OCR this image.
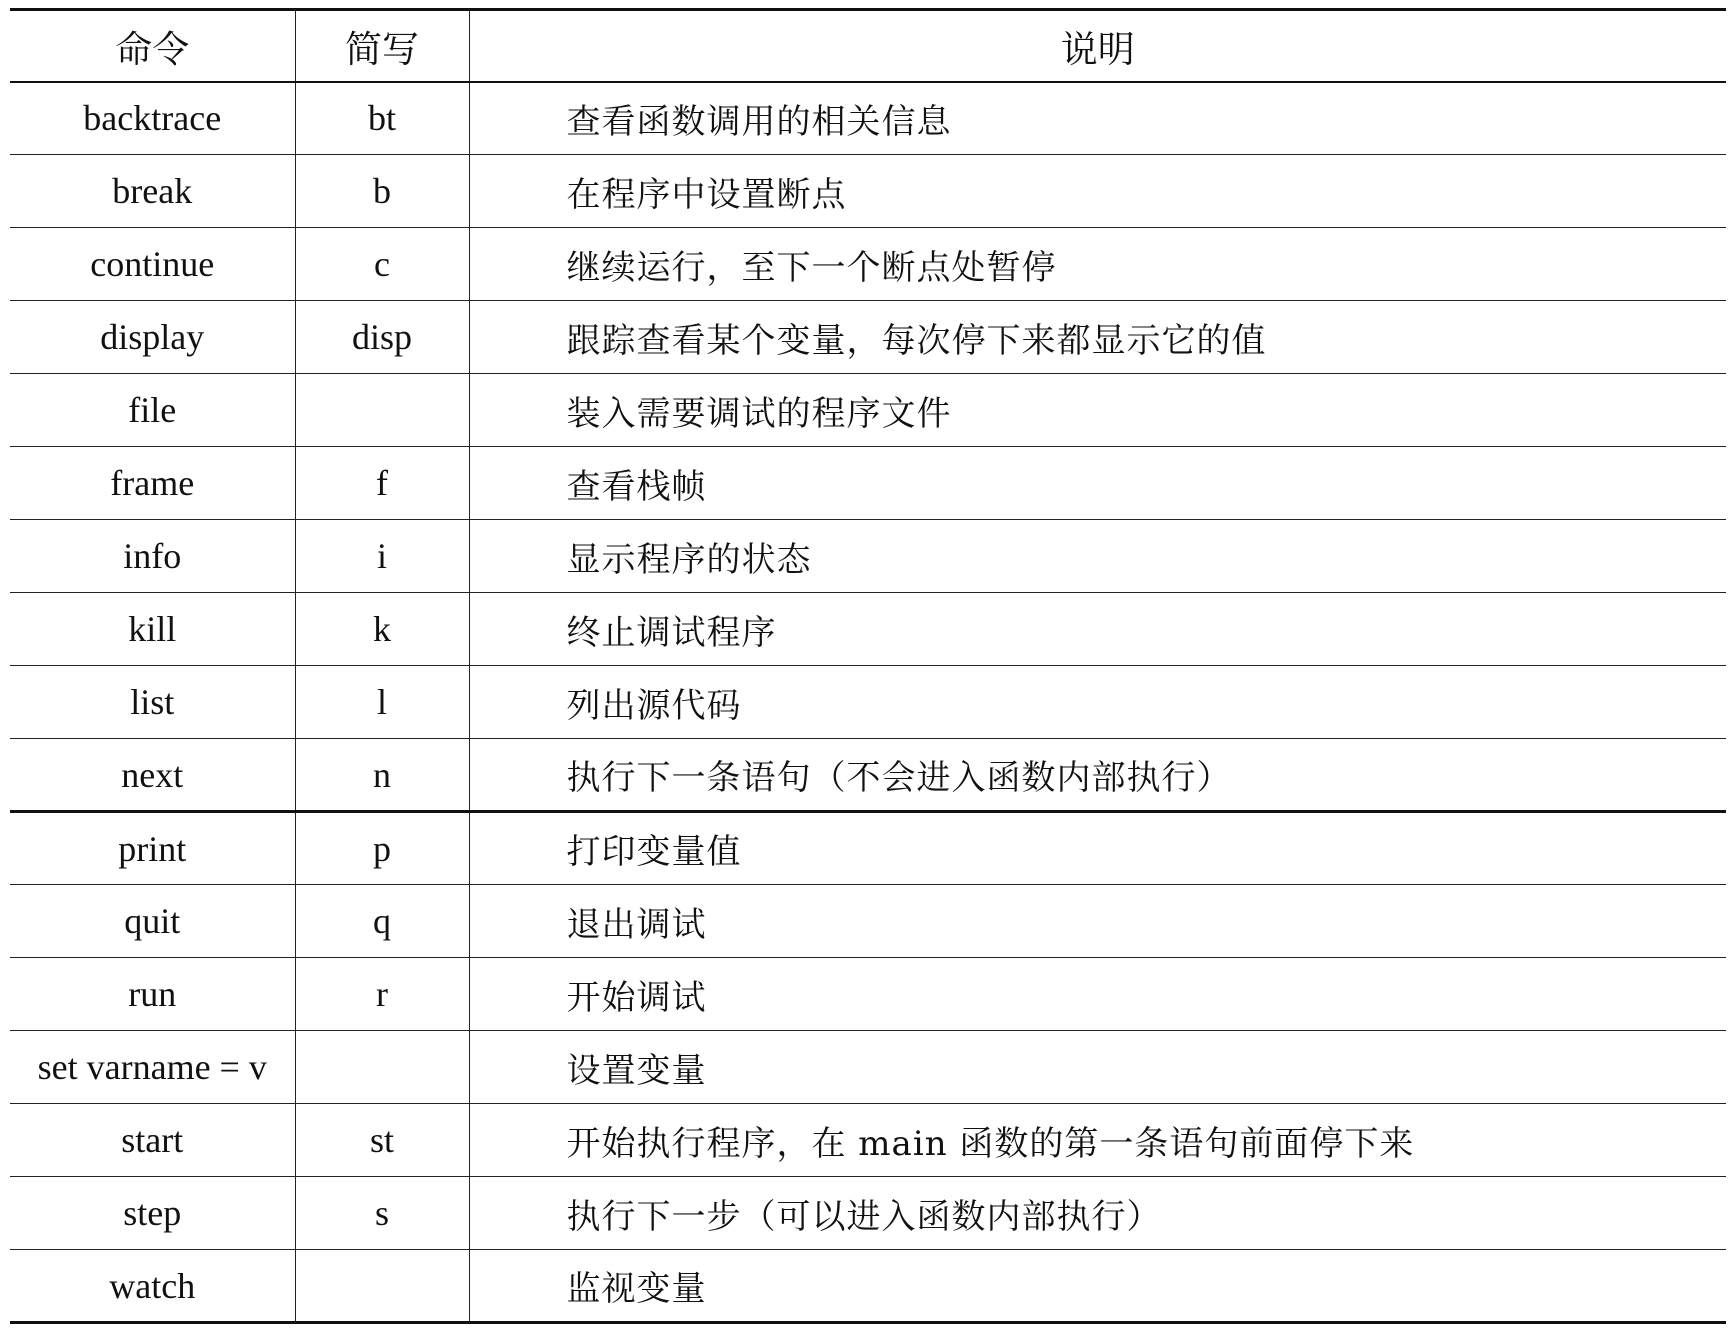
命令	简写	说明
backtrace	bt	查看函数调用的相关信息
break	b	在程序中设置断点
continue	c	继续运行，至下一个断点处暂停
display	disp	跟踪查看某个变量，每次停下来都显示它的值
file		装入需要调试的程序文件
frame	f	查看栈帧
info	i	显示程序的状态
kill	k	终止调试程序
list	l	列出源代码
next	n	执行下一条语句（不会进入函数内部执行）
print	p	打印变量值
quit	q	退出调试
run	r	开始调试
set varname = v		设置变量
start	st	开始执行程序，在 main 函数的第一条语句前面停下来
step	s	执行下一步（可以进入函数内部执行）
watch		监视变量
